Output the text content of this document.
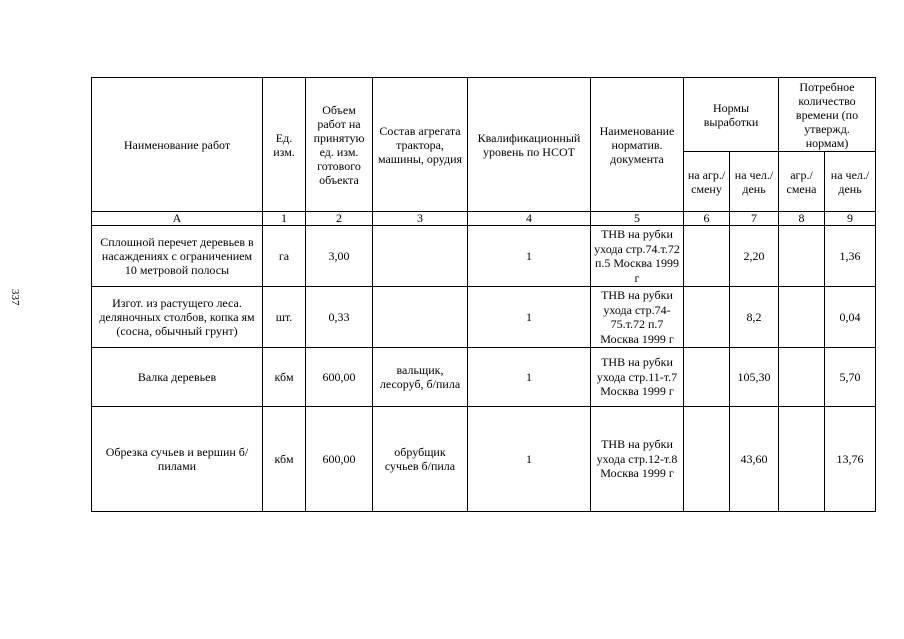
337
Наименование работ	Ед. изм.	Объем работ на принятую ед. изм. готового объекта	Состав агрегата трактора, машины, орудия	Квалификационный уровень по НСОТ	Наименование норматив. документа	Нормы выработки		Потребное количество времени (по утвержд. нормам)	
						на агр./ смену	на чел./ день	агр./ смена	на чел./ день
А	1	2	3	4	5	6	7	8	9
Сплошной перечет деревьев в насаждениях с ограничением 10 метровой полосы	га	3,00		1	ТНВ на рубки ухода стр.74.т.72 п.5 Москва 1999 г		2,20		1,36
Изгот. из растущего леса. деляночных столбов, копка ям (сосна, обычный грунт)	шт.	0,33		1	ТНВ на рубки ухода стр.74-75.т.72 п.7 Москва 1999 г		8,2		0,04
Валка деревьев	кбм	600,00	вальщик, лесоруб, б/пила	1	ТНВ на рубки ухода стр.11-т.7 Москва 1999 г		105,30		5,70
Обрезка сучьев и вершин б/пилами	кбм	600,00	обрубщик сучьев б/пила	1	ТНВ на рубки ухода стр.12-т.8 Москва 1999 г		43,60		13,76
